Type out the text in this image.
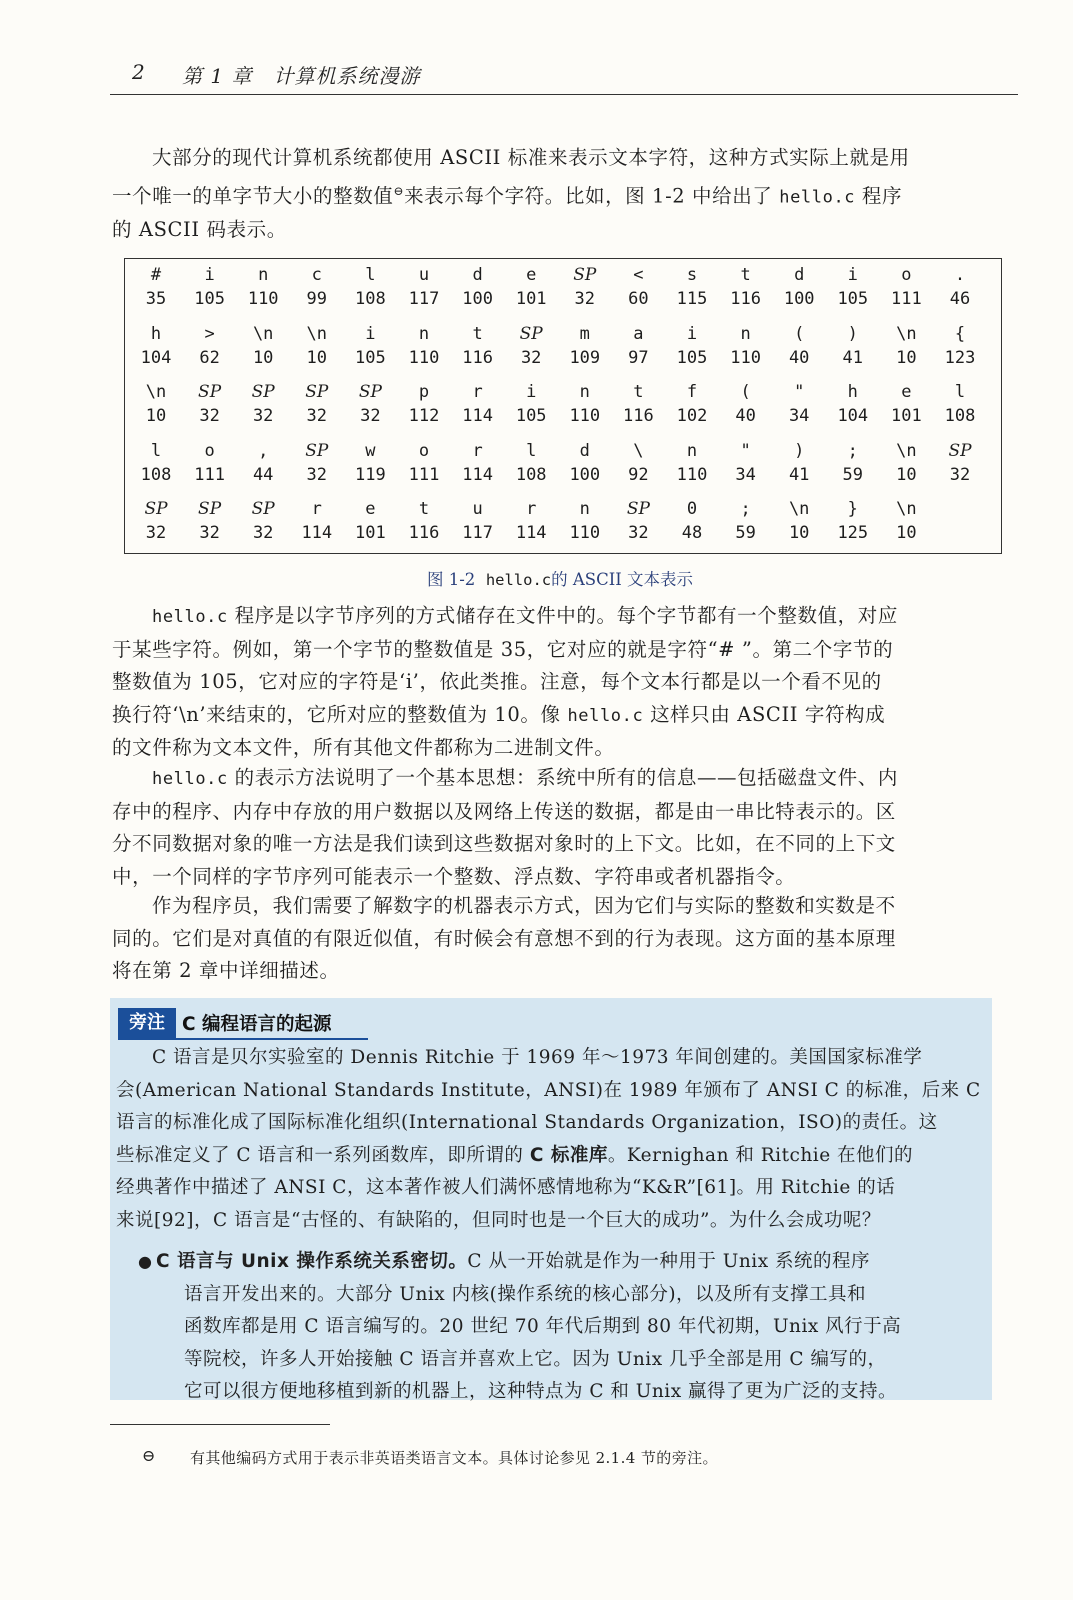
2 第 1 章　计算机系统漫游
大部分的现代计算机系统都使用 ASCII 标准来表示文本字符，这种方式实际上就是用
一个唯一的单字节大小的整数值⊖来表示每个字符。比如，图 1-2 中给出了 hello.c 程序
的 ASCII 码表示。
#
35
i
105
n
110
c
99
l
108
u
117
d
100
e
101
SP
32
<
60
s
115
t
116
d
100
i
105
o
111
.
46
h
104
>
62
\n
10
\n
10
i
105
n
110
t
116
SP
32
m
109
a
97
i
105
n
110
(
40
)
41
\n
10
{
123
\n
10
SP
32
SP
32
SP
32
SP
32
p
112
r
114
i
105
n
110
t
116
f
102
(
40
"
34
h
104
e
101
l
108
l
108
o
111
,
44
SP
32
w
119
o
111
r
114
l
108
d
100
\
92
n
110
"
34
)
41
;
59
\n
10
SP
32
SP
32
SP
32
SP
32
r
114
e
101
t
116
u
117
r
114
n
110
SP
32
0
48
;
59
\n
10
}
125
\n
10
图 1-2 hello.c的 ASCII 文本表示
hello.c 程序是以字节序列的方式储存在文件中的。每个字节都有一个整数值，对应
于某些字符。例如，第一个字节的整数值是 35，它对应的就是字符“# ”。第二个字节的
整数值为 105，它对应的字符是‘i’，依此类推。注意，每个文本行都是以一个看不见的
换行符‘\n’来结束的，它所对应的整数值为 10。像 hello.c 这样只由 ASCII 字符构成
的文件称为文本文件，所有其他文件都称为二进制文件。
hello.c 的表示方法说明了一个基本思想：系统中所有的信息——包括磁盘文件、内
存中的程序、内存中存放的用户数据以及网络上传送的数据，都是由一串比特表示的。区
分不同数据对象的唯一方法是我们读到这些数据对象时的上下文。比如，在不同的上下文
中，一个同样的字节序列可能表示一个整数、浮点数、字符串或者机器指令。
作为程序员，我们需要了解数字的机器表示方式，因为它们与实际的整数和实数是不
同的。它们是对真值的有限近似值，有时候会有意想不到的行为表现。这方面的基本原理
将在第 2 章中详细描述。
旁注 C 编程语言的起源
C 语言是贝尔实验室的 Dennis Ritchie 于 1969 年～1973 年间创建的。美国国家标准学
会(American National Standards Institute，ANSI)在 1989 年颁布了 ANSI C 的标准，后来 C
语言的标准化成了国际标准化组织(International Standards Organization，ISO)的责任。这
些标准定义了 C 语言和一系列函数库，即所谓的 C 标准库。Kernighan 和 Ritchie 在他们的
经典著作中描述了 ANSI C，这本著作被人们满怀感情地称为“K&R”[61]。用 Ritchie 的话
来说[92]，C 语言是“古怪的、有缺陷的，但同时也是一个巨大的成功”。为什么会成功呢？
● C 语言与 Unix 操作系统关系密切。C 从一开始就是作为一种用于 Unix 系统的程序
语言开发出来的。大部分 Unix 内核(操作系统的核心部分)，以及所有支撑工具和
函数库都是用 C 语言编写的。20 世纪 70 年代后期到 80 年代初期，Unix 风行于高
等院校，许多人开始接触 C 语言并喜欢上它。因为 Unix 几乎全部是用 C 编写的，
它可以很方便地移植到新的机器上，这种特点为 C 和 Unix 赢得了更为广泛的支持。
⊖ 有其他编码方式用于表示非英语类语言文本。具体讨论参见 2.1.4 节的旁注。
